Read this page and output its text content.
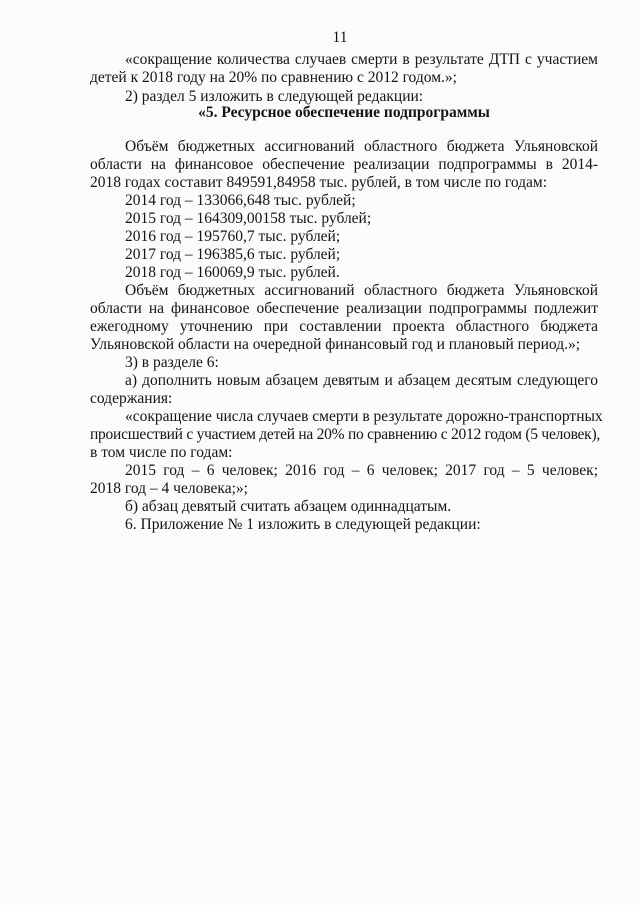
11
«сокращение количества случаев смерти в результате ДТП с участием
детей к 2018 году на 20% по сравнению с 2012 годом.»;
2) раздел 5 изложить в следующей редакции:
«5. Ресурсное обеспечение подпрограммы
Объём бюджетных ассигнований областного бюджета Ульяновской
области на финансовое обеспечение реализации подпрограммы в 2014-
2018 годах составит 849591,84958 тыс. рублей, в том числе по годам:
2014 год – 133066,648 тыс. рублей;
2015 год – 164309,00158 тыс. рублей;
2016 год – 195760,7 тыс. рублей;
2017 год – 196385,6 тыс. рублей;
2018 год – 160069,9 тыс. рублей.
Объём бюджетных ассигнований областного бюджета Ульяновской
области на финансовое обеспечение реализации подпрограммы подлежит
ежегодному уточнению при составлении проекта областного бюджета
Ульяновской области на очередной финансовый год и плановый период.»;
3) в разделе 6:
а) дополнить новым абзацем девятым и абзацем десятым следующего
содержания:
«сокращение числа случаев смерти в результате дорожно-транспортных
происшествий с участием детей на 20% по сравнению с 2012 годом (5 человек),
в том числе по годам:
2015 год – 6 человек; 2016 год – 6 человек; 2017 год – 5 человек;
2018 год – 4 человека;»;
б) абзац девятый считать абзацем одиннадцатым.
6. Приложение № 1 изложить в следующей редакции:
